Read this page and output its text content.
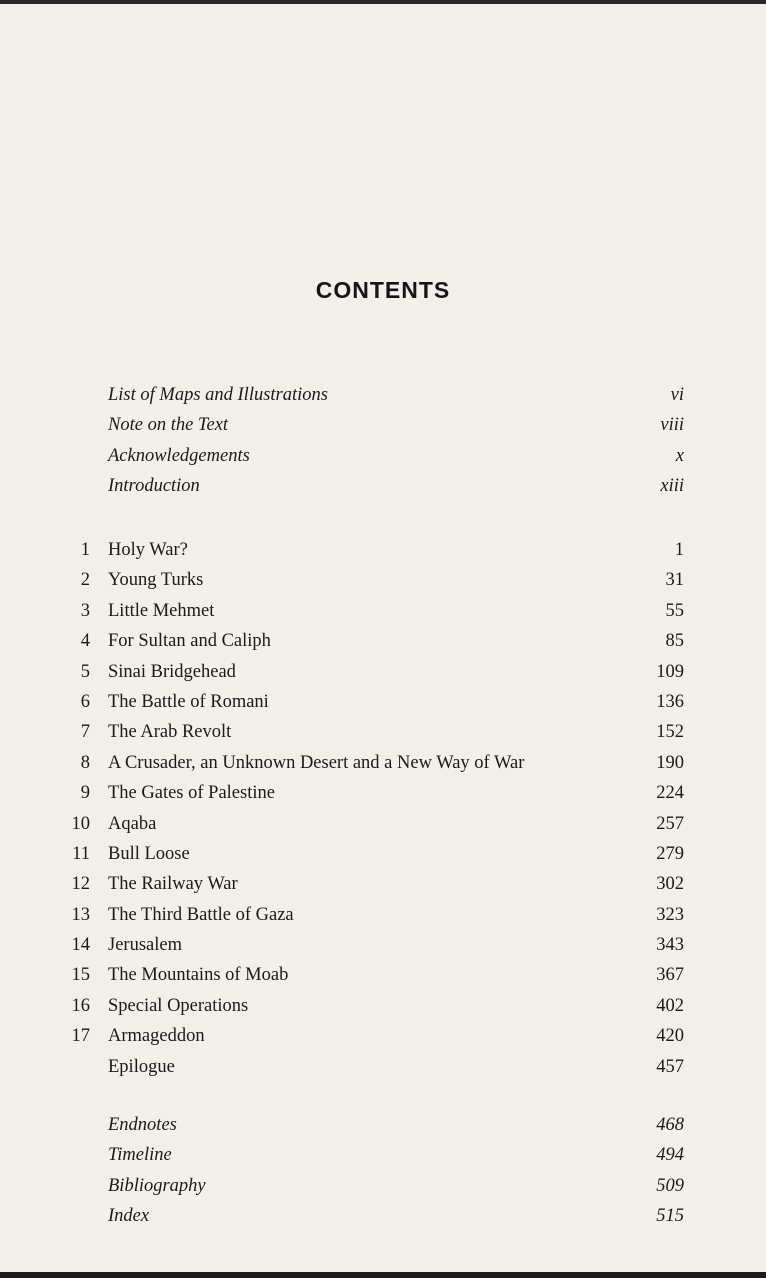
CONTENTS
List of Maps and Illustrations	vi
Note on the Text	viii
Acknowledgements	x
Introduction	xiii
1 Holy War?	1
2 Young Turks	31
3 Little Mehmet	55
4 For Sultan and Caliph	85
5 Sinai Bridgehead	109
6 The Battle of Romani	136
7 The Arab Revolt	152
8 A Crusader, an Unknown Desert and a New Way of War	190
9 The Gates of Palestine	224
10 Aqaba	257
11 Bull Loose	279
12 The Railway War	302
13 The Third Battle of Gaza	323
14 Jerusalem	343
15 The Mountains of Moab	367
16 Special Operations	402
17 Armageddon	420
Epilogue	457
Endnotes	468
Timeline	494
Bibliography	509
Index	515
